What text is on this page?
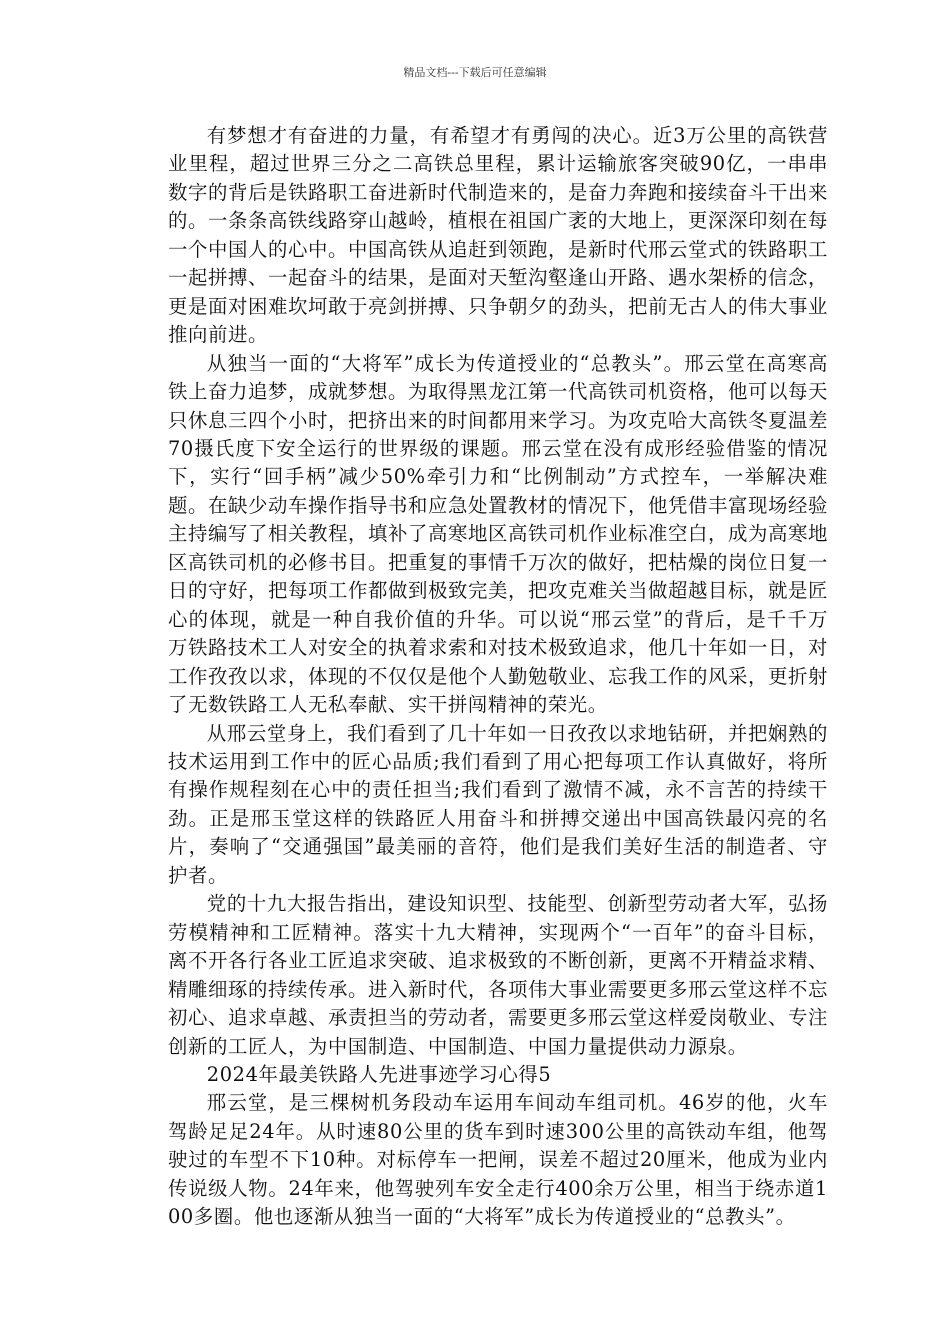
精品文档---下载后可任意编辑

有梦想才有奋进的力量，有希望才有勇闯的决心。近3万公里的高铁营业里程，超过世界三分之二高铁总里程，累计运输旅客突破90亿，一串串数字的背后是铁路职工奋进新时代制造来的，是奋力奔跑和接续奋斗干出来的。一条条高铁线路穿山越岭，植根在祖国广袤的大地上，更深深印刻在每一个中国人的心中。中国高铁从追赶到领跑，是新时代邢云堂式的铁路职工一起拼搏、一起奋斗的结果，是面对天堑沟壑逢山开路、遇水架桥的信念，更是面对困难坎坷敢于亮剑拼搏、只争朝夕的劲头，把前无古人的伟大事业推向前进。

从独当一面的“大将军”成长为传道授业的“总教头”。邢云堂在高寒高铁上奋力追梦，成就梦想。为取得黑龙江第一代高铁司机资格，他可以每天只休息三四个小时，把挤出来的时间都用来学习。为攻克哈大高铁冬夏温差70摄氏度下安全运行的世界级的课题。邢云堂在没有成形经验借鉴的情况下，实行“回手柄”减少50%牵引力和“比例制动”方式控车，一举解决难题。在缺少动车操作指导书和应急处置教材的情况下，他凭借丰富现场经验主持编写了相关教程，填补了高寒地区高铁司机作业标准空白，成为高寒地区高铁司机的必修书目。把重复的事情千万次的做好，把枯燥的岗位日复一日的守好，把每项工作都做到极致完美，把攻克难关当做超越目标，就是匠心的体现，就是一种自我价值的升华。可以说“邢云堂”的背后，是千千万万铁路技术工人对安全的执着求索和对技术极致追求，他几十年如一日，对工作孜孜以求，体现的不仅仅是他个人勤勉敬业、忘我工作的风采，更折射了无数铁路工人无私奉献、实干拼闯精神的荣光。

从邢云堂身上，我们看到了几十年如一日孜孜以求地钻研，并把娴熟的技术运用到工作中的匠心品质;我们看到了用心把每项工作认真做好，将所有操作规程刻在心中的责任担当;我们看到了激情不减，永不言苦的持续干劲。正是邢玉堂这样的铁路匠人用奋斗和拼搏交递出中国高铁最闪亮的名片，奏响了“交通强国”最美丽的音符，他们是我们美好生活的制造者、守护者。

党的十九大报告指出，建设知识型、技能型、创新型劳动者大军，弘扬劳模精神和工匠精神。落实十九大精神，实现两个“一百年”的奋斗目标，离不开各行各业工匠追求突破、追求极致的不断创新，更离不开精益求精、精雕细琢的持续传承。进入新时代，各项伟大事业需要更多邢云堂这样不忘初心、追求卓越、承责担当的劳动者，需要更多邢云堂这样爱岗敬业、专注创新的工匠人，为中国制造、中国制造、中国力量提供动力源泉。

2024年最美铁路人先进事迹学习心得5

邢云堂，是三棵树机务段动车运用车间动车组司机。46岁的他，火车驾龄足足24年。从时速80公里的货车到时速300公里的高铁动车组，他驾驶过的车型不下10种。对标停车一把闸，误差不超过20厘米，他成为业内传说级人物。24年来，他驾驶列车安全走行400余万公里，相当于绕赤道100多圈。他也逐渐从独当一面的“大将军”成长为传道授业的“总教头”。
